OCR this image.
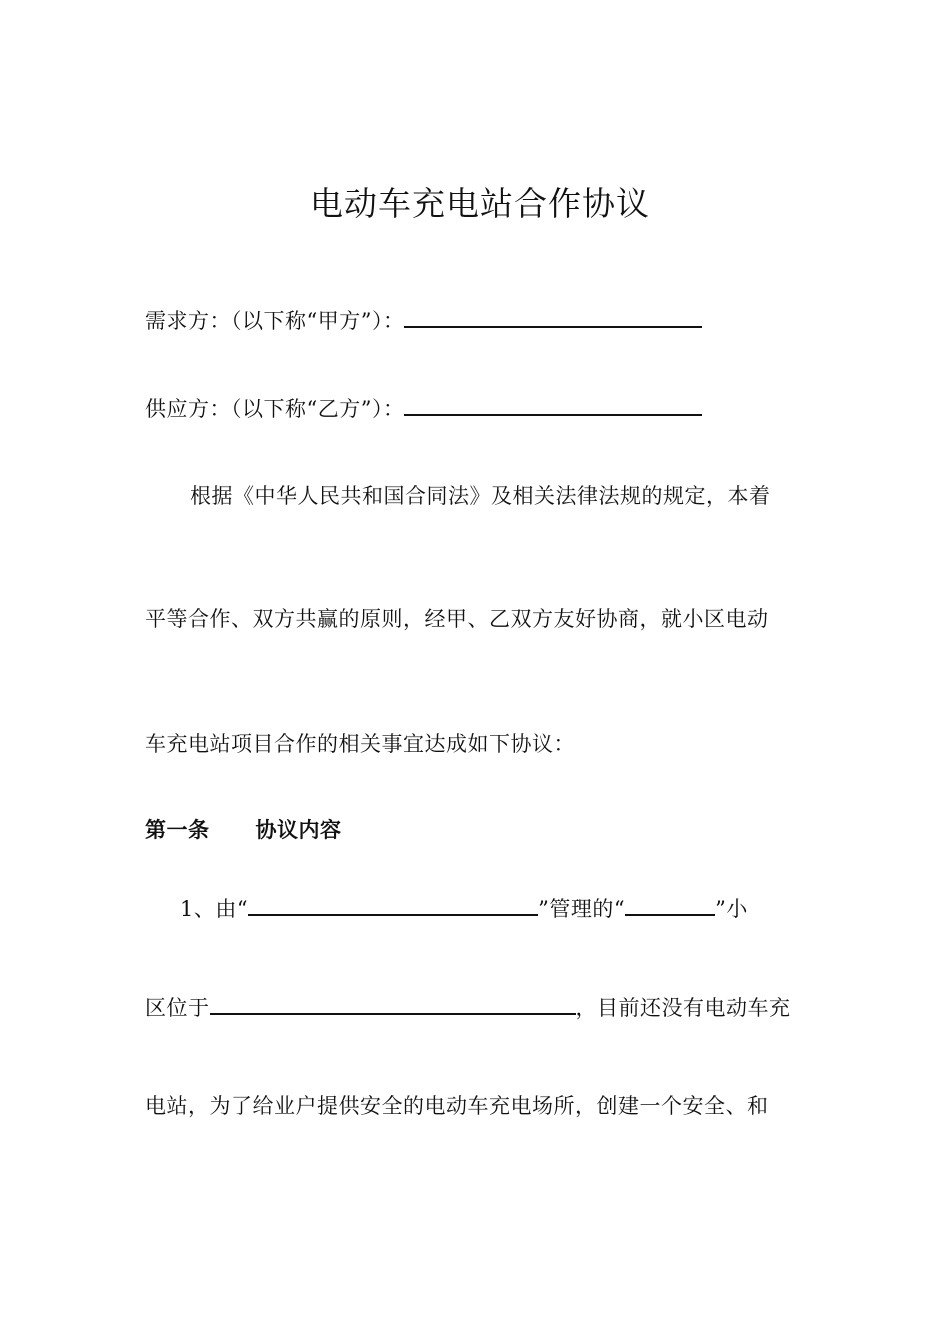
电动车充电站合作协议
需求方：（以下称“甲方”）：
供应方：（以下称“乙方”）：
根据《中华人民共和国合同法》及相关法律法规的规定，本着
平等合作、双方共赢的原则，经甲、乙双方友好协商，就小区电动
车充电站项目合作的相关事宜达成如下协议：
第一条 协议内容
1、由“	”管理的“	”小
区位于	，目前还没有电动车充
电站，为了给业户提供安全的电动车充电场所，创建一个安全、和
